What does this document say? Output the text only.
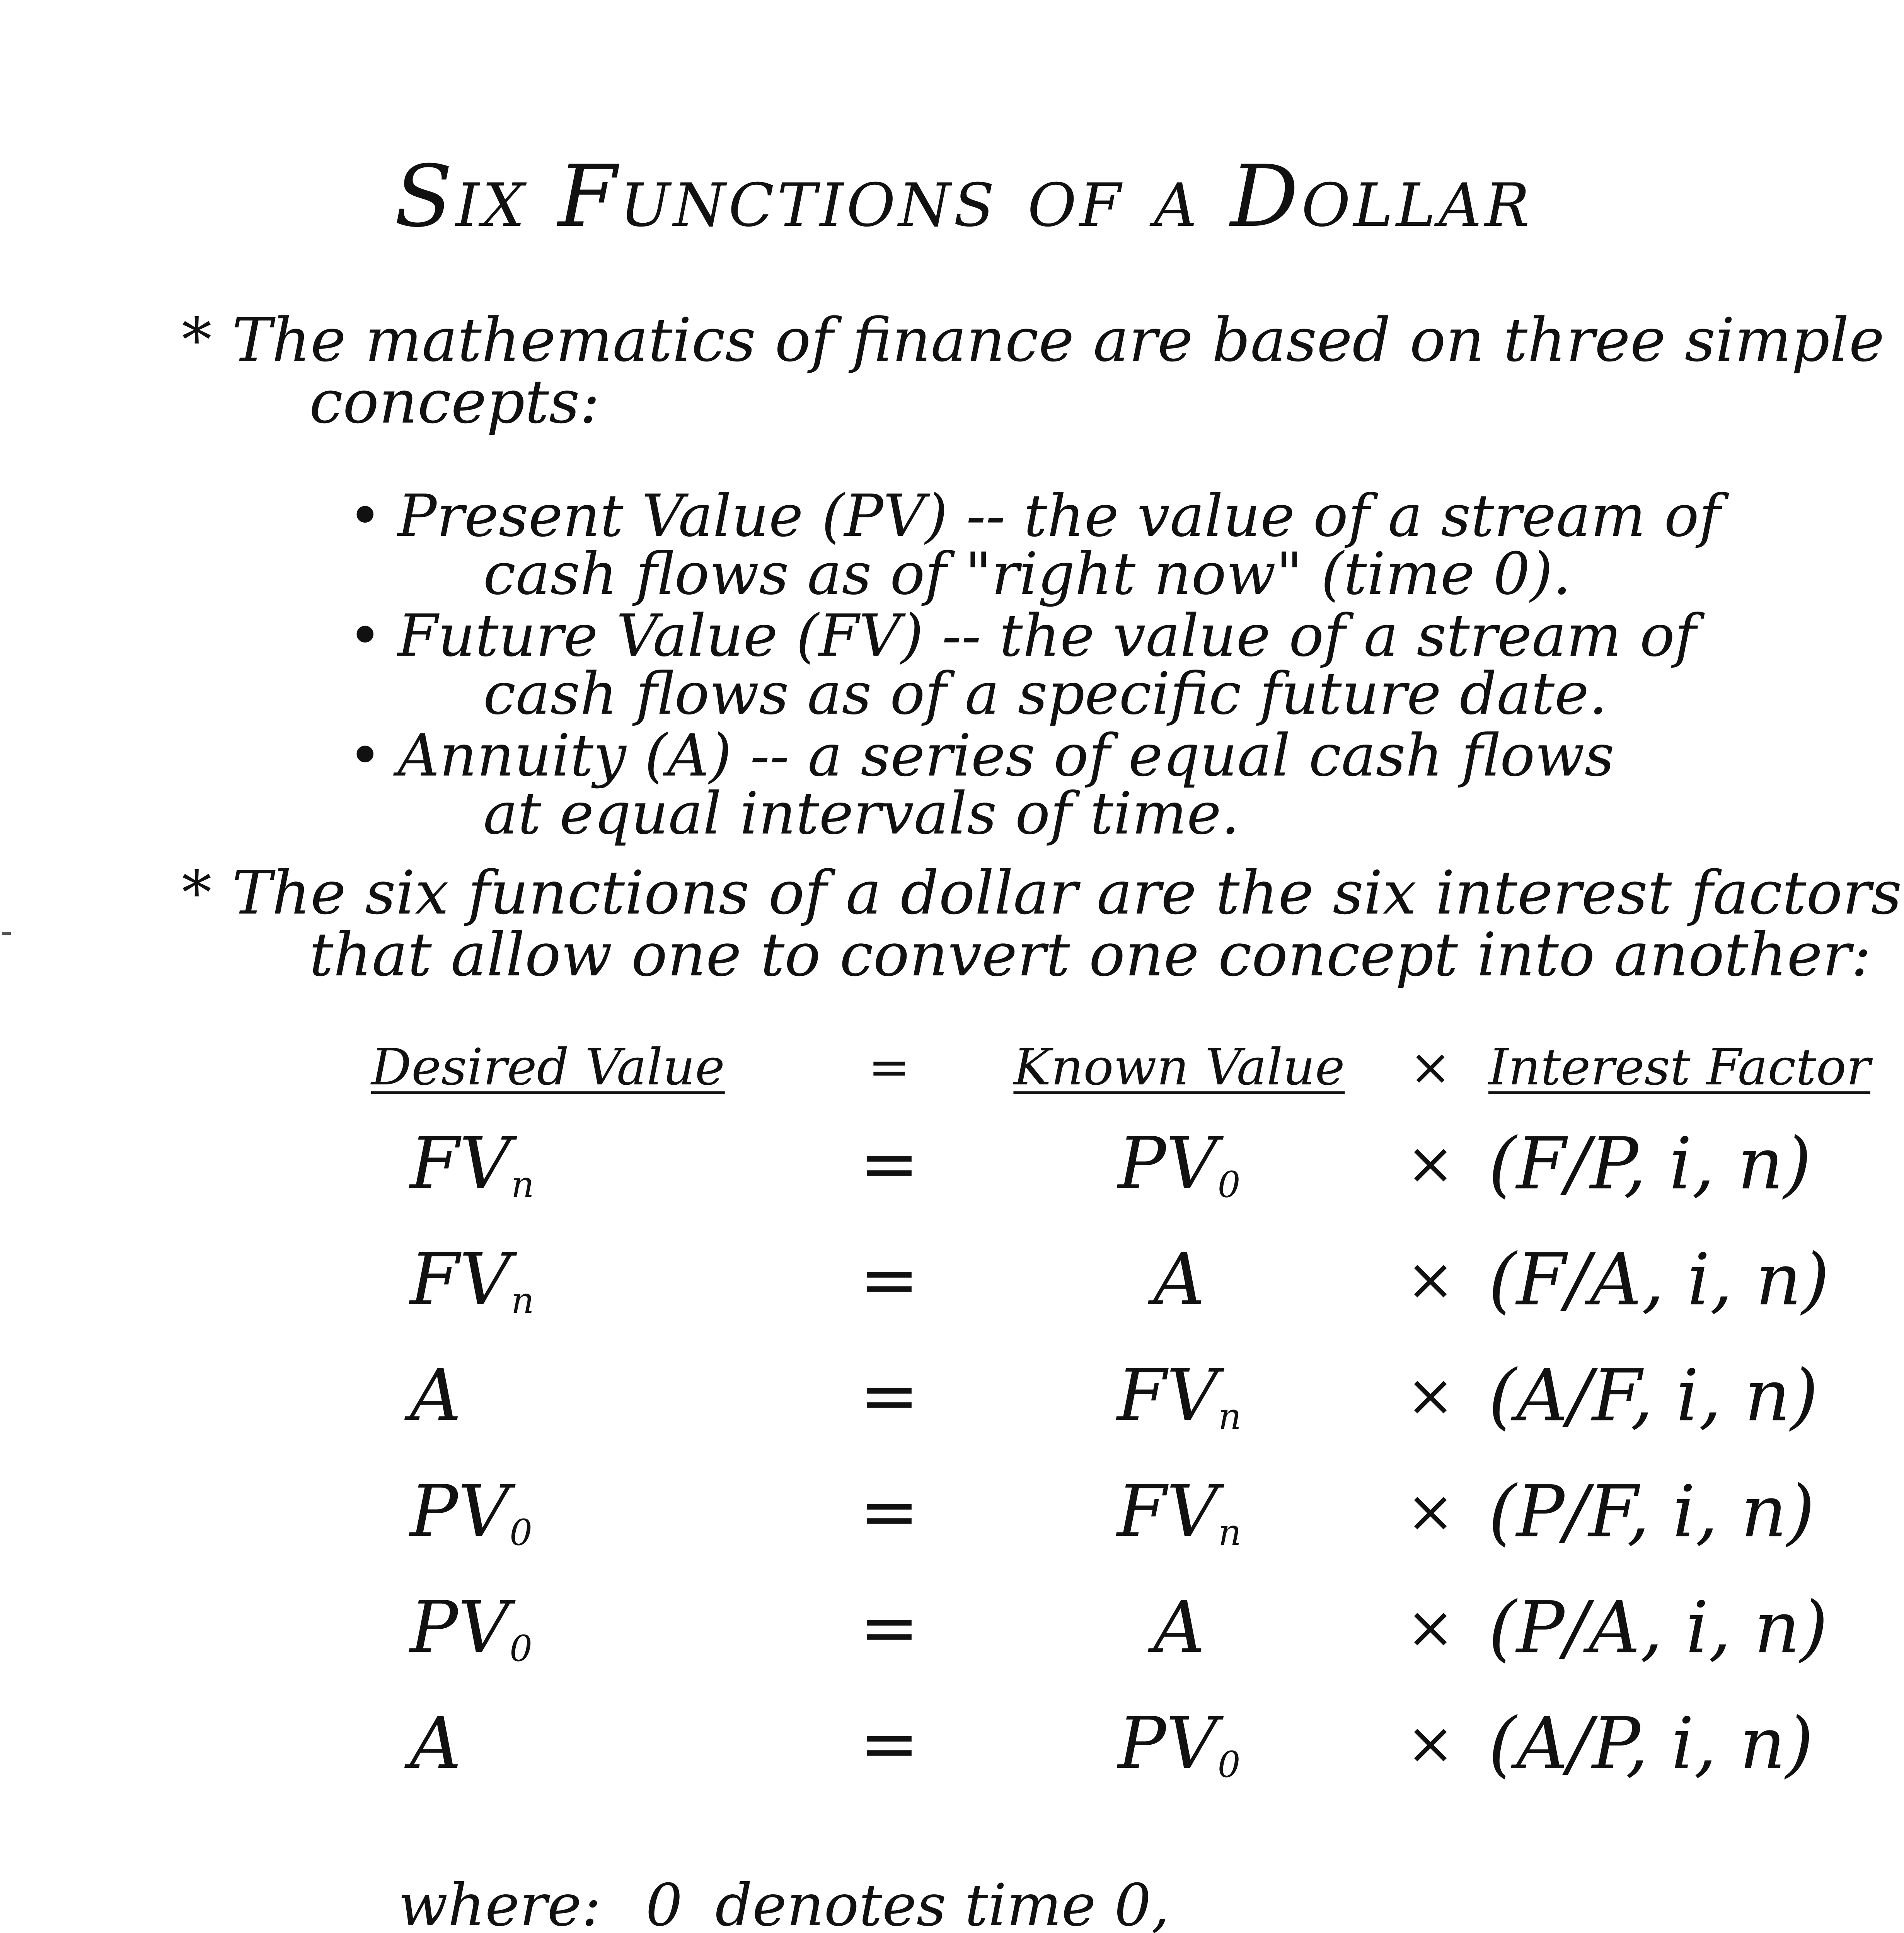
Six Functions of a Dollar
* The mathematics of finance are based on three simple
concepts:
• Present Value (PV) -- the value of a stream of
cash flows as of "right now" (time 0).
• Future Value (FV) -- the value of a stream of
cash flows as of a specific future date.
• Annuity (A) -- a series of equal cash flows
at equal intervals of time.
* The six functions of a dollar are the six interest factors
that allow one to convert one concept into another:
Desired Value	=	Known Value	× Interest Factor
$FV_n$	=	$PV_0$	× (F/P, i, n)
$FV_n$	=	A	× (F/A, i, n)
A	=	$FV_n$	× (A/F, i, n)
$PV_0$	=	$FV_n$	× (P/F, i, n)
$PV_0$	=	A	× (P/A, i, n)
A	=	$PV_0$	× (A/P, i, n)
where: 0 denotes time 0,
